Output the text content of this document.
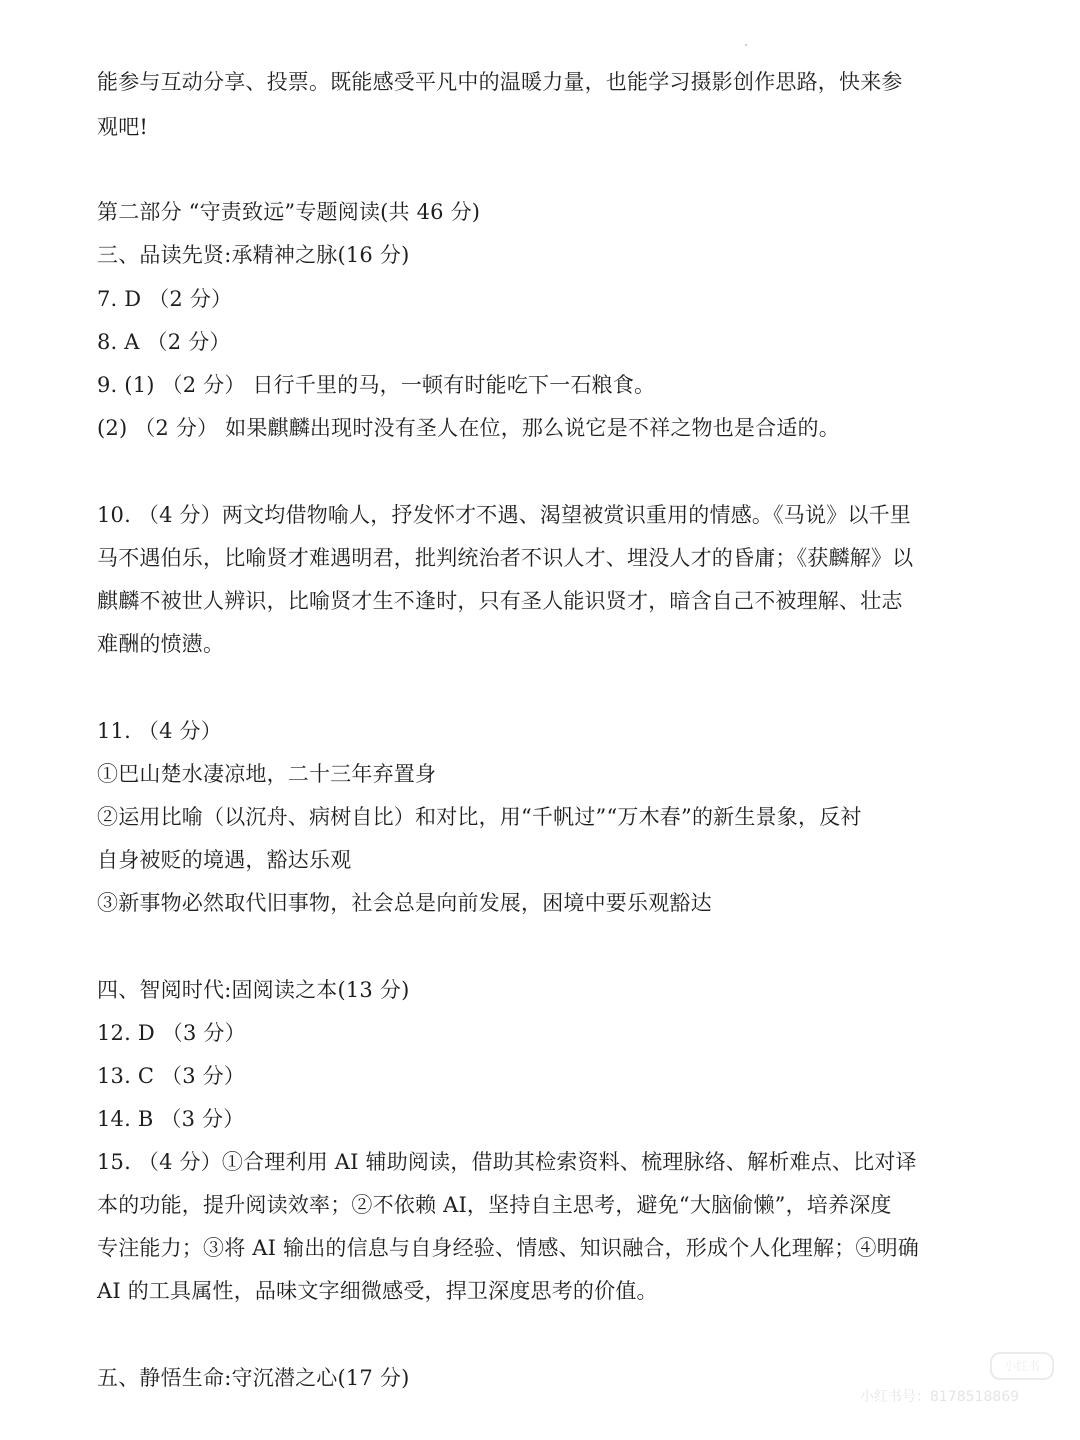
能参与互动分享、投票。既能感受平凡中的温暖力量，也能学习摄影创作思路，快来参
观吧!
第二部分 “守责致远”专题阅读(共 46 分)
三、品读先贤:承精神之脉(16 分)
7. D （2 分）
8. A （2 分）
9. (1) （2 分） 日行千里的马，一顿有时能吃下一石粮食。
(2) （2 分） 如果麒麟出现时没有圣人在位，那么说它是不祥之物也是合适的。
10. （4 分）两文均借物喻人，抒发怀才不遇、渴望被赏识重用的情感。《马说》以千里
马不遇伯乐，比喻贤才难遇明君，批判统治者不识人才、埋没人才的昏庸；《获麟解》以
麒麟不被世人辨识，比喻贤才生不逢时，只有圣人能识贤才，暗含自己不被理解、壮志
难酬的愤懑。
11. （4 分）
①巴山楚水凄凉地，二十三年弃置身
②运用比喻（以沉舟、病树自比）和对比，用“千帆过”“万木春”的新生景象，反衬
自身被贬的境遇，豁达乐观
③新事物必然取代旧事物，社会总是向前发展，困境中要乐观豁达
四、智阅时代:固阅读之本(13 分)
12. D （3 分）
13. C （3 分）
14. B （3 分）
15. （4 分）①合理利用 AI 辅助阅读，借助其检索资料、梳理脉络、解析难点、比对译
本的功能，提升阅读效率；②不依赖 AI，坚持自主思考，避免“大脑偷懒”，培养深度
专注能力；③将 AI 输出的信息与自身经验、情感、知识融合，形成个人化理解；④明确
AI 的工具属性，品味文字细微感受，捍卫深度思考的价值。
五、静悟生命:守沉潜之心(17 分)	小红书
小红书号：8178518869
